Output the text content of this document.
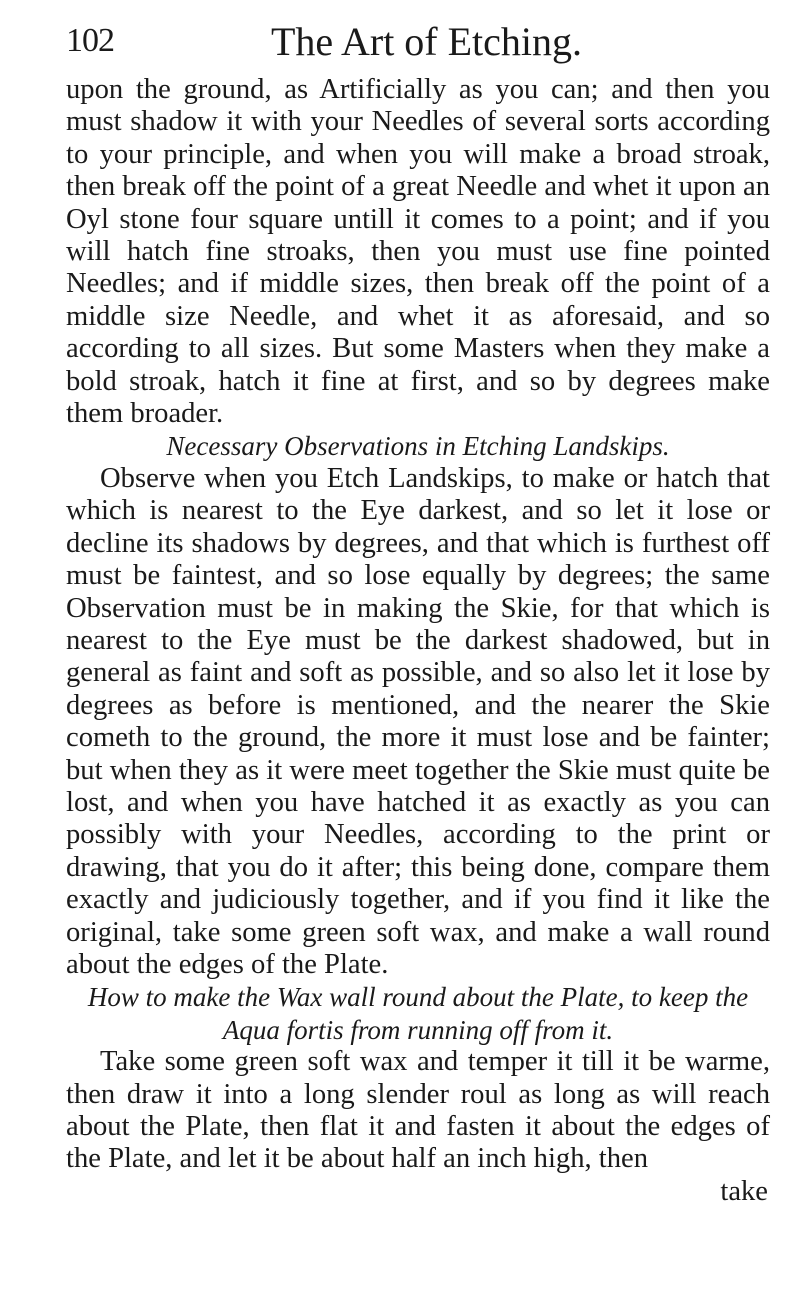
102	The Art of Etching.

upon the ground, as Artificially as you can; and then you must shadow it with your Needles of several sorts according to your principle, and when you will make a broad stroak, then break off the point of a great Needle and whet it upon an Oyl stone four square untill it comes to a point; and if you will hatch fine stroaks, then you must use fine pointed Needles; and if middle sizes, then break off the point of a middle size Needle, and whet it as aforesaid, and so according to all sizes. But some Masters when they make a bold stroak, hatch it fine at first, and so by degrees make them broader.

Necessary Observations in Etching Landskips.

Observe when you Etch Landskips, to make or hatch that which is nearest to the Eye darkest, and so let it lose or decline its shadows by degrees, and that which is furthest off must be faintest, and so lose equally by degrees; the same Observation must be in making the Skie, for that which is nearest to the Eye must be the darkest shadowed, but in general as faint and soft as possible, and so also let it lose by degrees as before is mentioned, and the nearer the Skie cometh to the ground, the more it must lose and be fainter; but when they as it were meet together the Skie must quite be lost, and when you have hatched it as exactly as you can possibly with your Needles, according to the print or drawing, that you do it after; this being done, compare them exactly and judiciously together, and if you find it like the original, take some green soft wax, and make a wall round about the edges of the Plate.

How to make the Wax wall round about the Plate, to keep the Aqua fortis from running off from it.

Take some green soft wax and temper it till it be warme, then draw it into a long slender roul as long as will reach about the Plate, then flat it and fasten it about the edges of the Plate, and let it be about half an inch high, then

take
